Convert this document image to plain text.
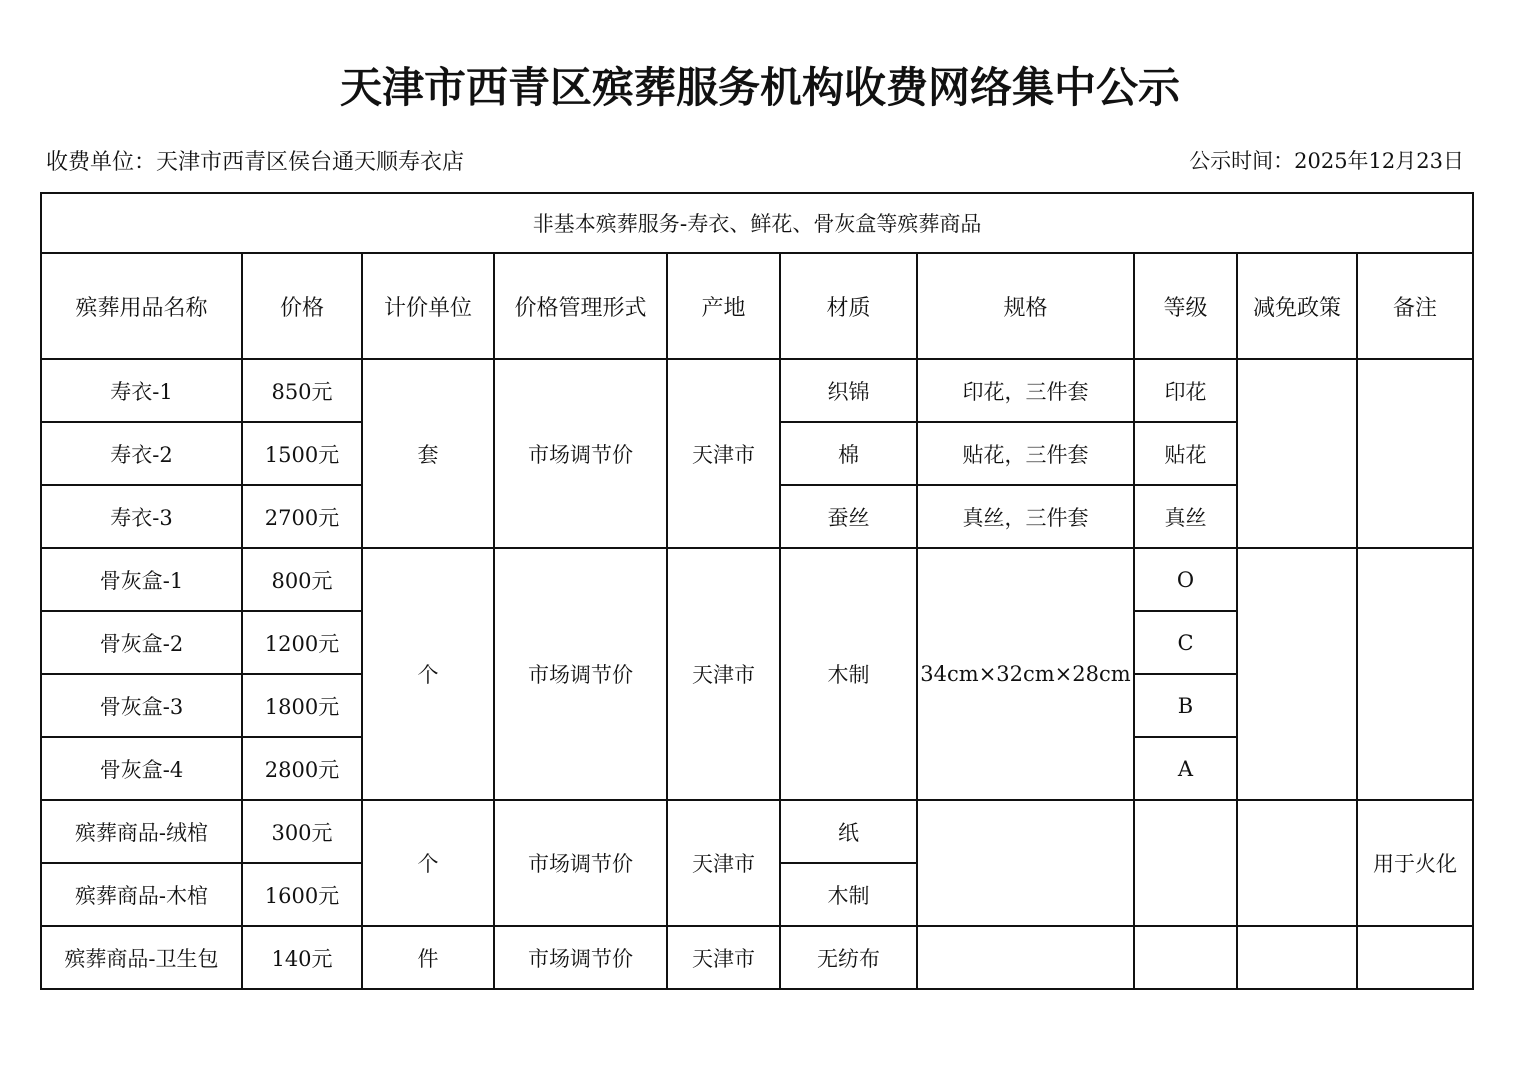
天津市西青区殡葬服务机构收费网络集中公示
收费单位：天津市西青区侯台通天顺寿衣店	公示时间：2025年12月23日
非基本殡葬服务-寿衣、鲜花、骨灰盒等殡葬商品									
殡葬用品名称	价格	计价单位	价格管理形式	产地	材质	规格	等级	减免政策	备注
寿衣-1	850元	套	市场调节价	天津市	织锦	印花，三件套	印花		
寿衣-2	1500元				棉	贴花，三件套	贴花		
寿衣-3	2700元				蚕丝	真丝，三件套	真丝		
骨灰盒-1	800元	个	市场调节价	天津市	木制	34cm×32cm×28cm	O		
骨灰盒-2	1200元						C		
骨灰盒-3	1800元						B		
骨灰盒-4	2800元						A		
殡葬商品-绒棺	300元	个	市场调节价	天津市	纸				用于火化
殡葬商品-木棺	1600元				木制				
殡葬商品-卫生包	140元	件	市场调节价	天津市	无纺布				
